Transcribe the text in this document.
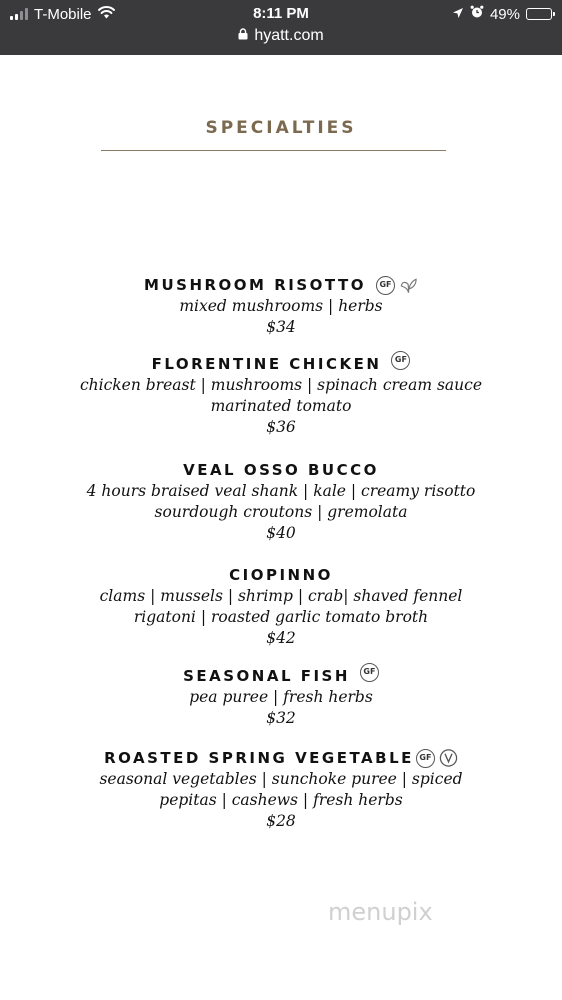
T-Mobile	8:11 PM	49%
hyatt.com
SPECIALTIES
MUSHROOM RISOTTO	GF
mixed mushrooms | herbs
$34
FLORENTINE CHICKEN	GF
chicken breast | mushrooms | spinach cream sauce
marinated tomato
$36
VEAL OSSO BUCCO
4 hours braised veal shank | kale | creamy risotto
sourdough croutons | gremolata
$40
CIOPINNO
clams | mussels | shrimp | crab| shaved fennel
rigatoni | roasted garlic tomato broth
$42
SEASONAL FISH	GF
pea puree | fresh herbs
$32
ROASTED SPRING VEGETABLE GF
seasonal vegetables | sunchoke puree | spiced
pepitas | cashews | fresh herbs
$28
menupix
